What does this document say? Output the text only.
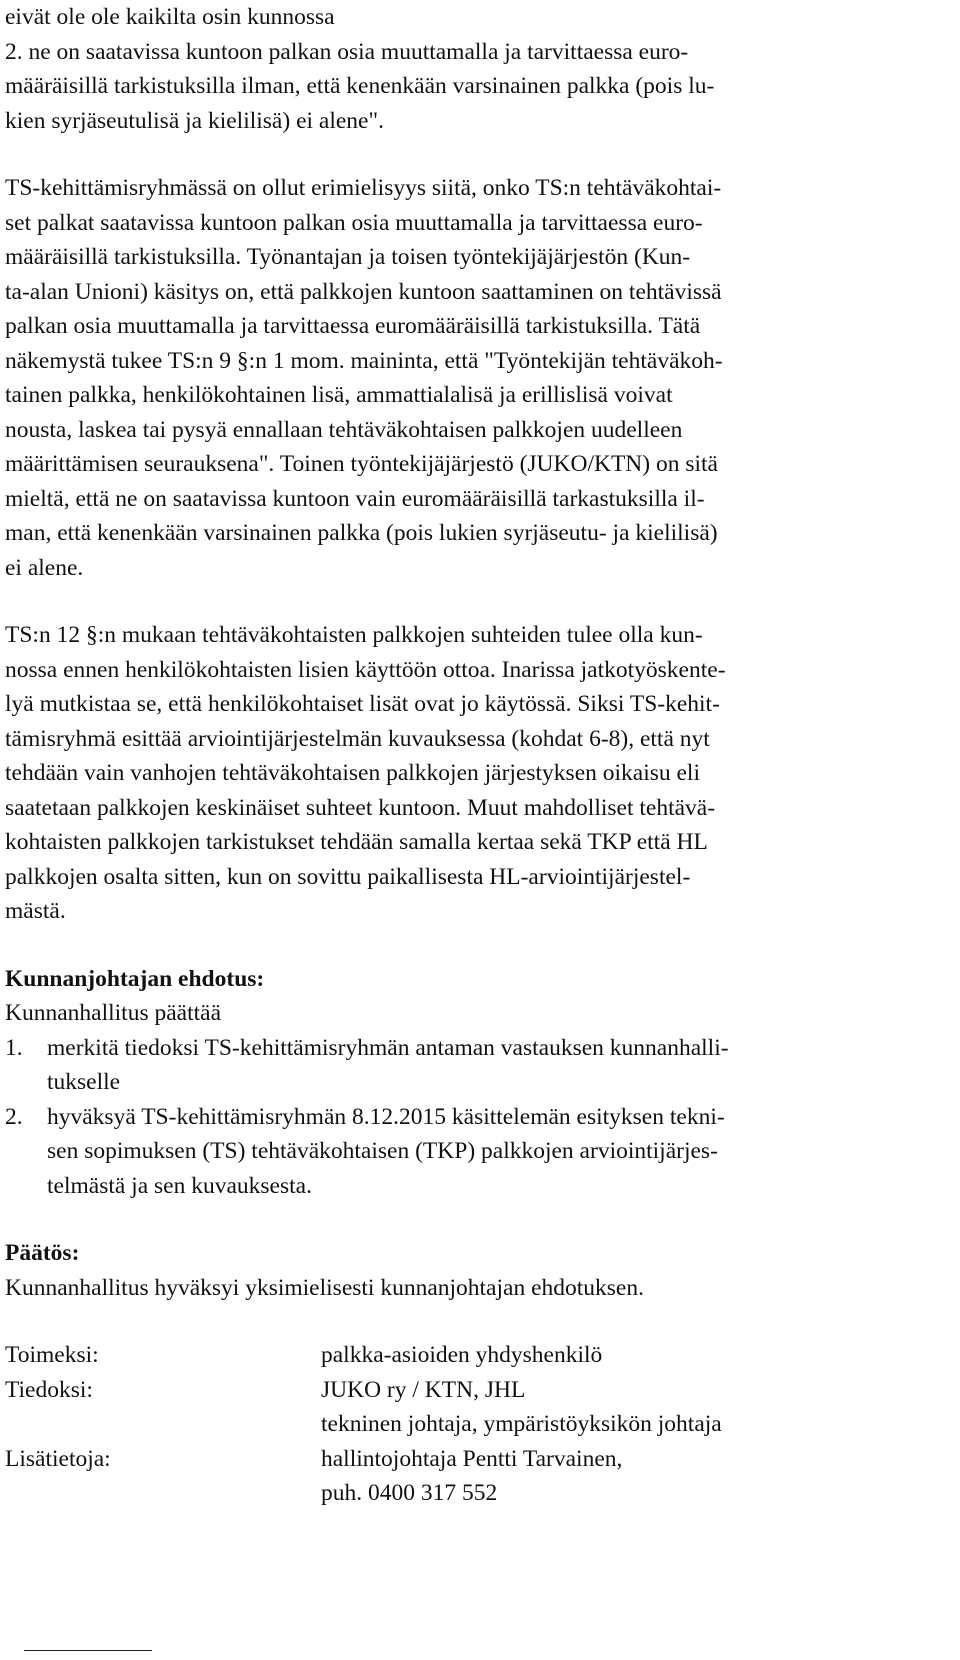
eivät ole ole kaikilta osin kunnossa
2. ne on saatavissa kuntoon palkan osia muuttamalla ja tarvittaessa euro-
määräisillä tarkistuksilla ilman, että kenenkään varsinainen palkka (pois lu-
kien syrjäseutulisä ja kielilisä) ei alene".
TS-kehittämisryhmässä on ollut erimielisyys siitä, onko TS:n tehtäväkohtai-
set palkat saatavissa kuntoon palkan osia muuttamalla ja tarvittaessa euro-
määräisillä tarkistuksilla. Työnantajan ja toisen työntekijäjärjestön (Kun-
ta-alan Unioni) käsitys on, että palkkojen kuntoon saattaminen on tehtävissä
palkan osia muuttamalla ja tarvittaessa euromääräisillä tarkistuksilla. Tätä
näkemystä tukee TS:n 9 §:n 1 mom. maininta, että "Työntekijän tehtäväkoh-
tainen palkka, henkilökohtainen lisä, ammattialalisä ja erillislisä voivat
nousta, laskea tai pysyä ennallaan tehtäväkohtaisen palkkojen uudelleen
määrittämisen seurauksena". Toinen työntekijäjärjestö (JUKO/KTN) on sitä
mieltä, että ne on saatavissa kuntoon vain euromääräisillä tarkastuksilla il-
man, että kenenkään varsinainen palkka (pois lukien syrjäseutu- ja kielilisä)
ei alene.
TS:n 12 §:n mukaan tehtäväkohtaisten palkkojen suhteiden tulee olla kun-
nossa ennen henkilökohtaisten lisien käyttöön ottoa. Inarissa jatkotyöskente-
lyä mutkistaa se, että henkilökohtaiset lisät ovat jo käytössä. Siksi TS-kehit-
tämisryhmä esittää arviointijärjestelmän kuvauksessa (kohdat 6-8), että nyt
tehdään vain vanhojen tehtäväkohtaisen palkkojen järjestyksen oikaisu eli
saatetaan palkkojen keskinäiset suhteet kuntoon. Muut mahdolliset tehtävä-
kohtaisten palkkojen tarkistukset tehdään samalla kertaa sekä TKP että HL
palkkojen osalta sitten, kun on sovittu paikallisesta HL-arviointijärjestel-
mästä.
Kunnanjohtajan ehdotus:
Kunnanhallitus päättää
1. merkitä tiedoksi TS-kehittämisryhmän antaman vastauksen kunnanhalli-
tukselle
2. hyväksyä TS-kehittämisryhmän 8.12.2015 käsittelemän esityksen tekni-
sen sopimuksen (TS) tehtäväkohtaisen (TKP) palkkojen arviointijärjes-
telmästä ja sen kuvauksesta.
Päätös:
Kunnanhallitus hyväksyi yksimielisesti kunnanjohtajan ehdotuksen.
Toimeksi:	palkka-asioiden yhdyshenkilö
Tiedoksi:	JUKO ry / KTN, JHL
tekninen johtaja, ympäristöyksikön johtaja
Lisätietoja:	hallintojohtaja Pentti Tarvainen,
puh. 0400 317 552
